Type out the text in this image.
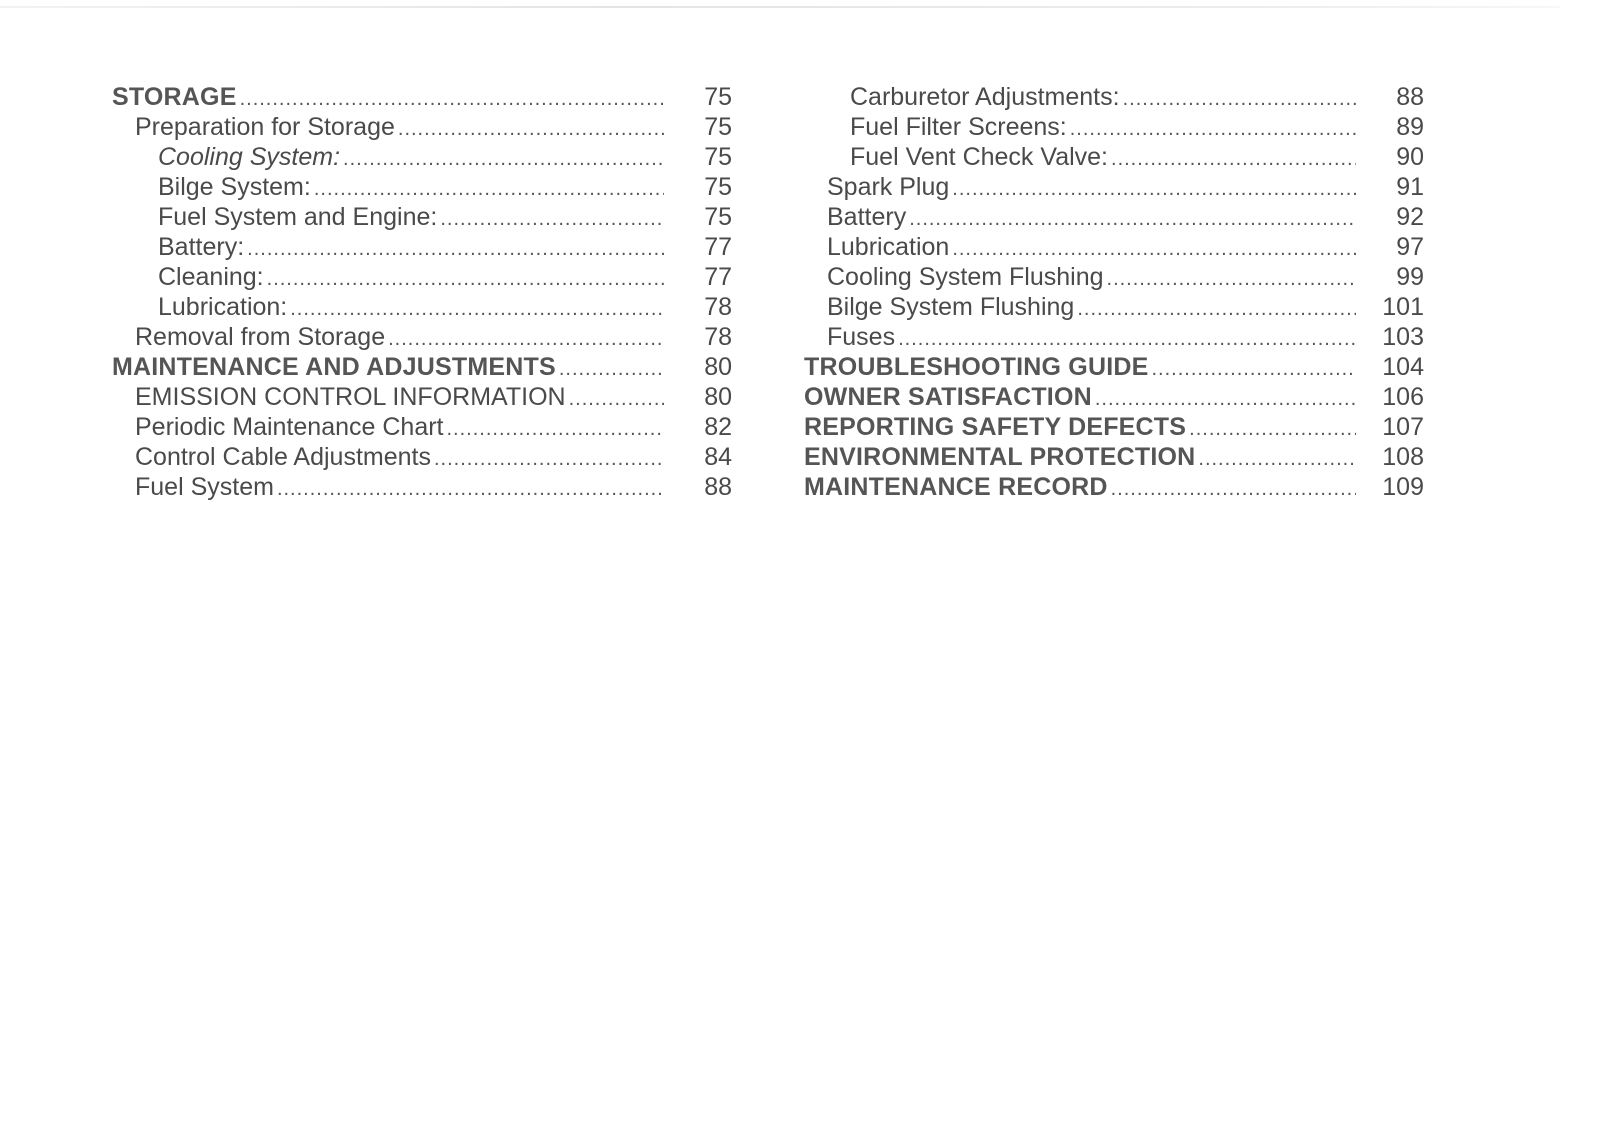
STORAGE .....	75
Preparation for Storage .....	75
Cooling System: .....	75
Bilge System: .....	75
Fuel System and Engine: .....	75
Battery: .....	77
Cleaning: .....	77
Lubrication: .....	78
Removal from Storage .....	78
MAINTENANCE AND ADJUSTMENTS .....	80
EMISSION CONTROL INFORMATION .....	80
Periodic Maintenance Chart .....	82
Control Cable Adjustments .....	84
Fuel System .....	88
Carburetor Adjustments: .....	88
Fuel Filter Screens: .....	89
Fuel Vent Check Valve: .....	90
Spark Plug .....	91
Battery .....	92
Lubrication .....	97
Cooling System Flushing .....	99
Bilge System Flushing .....	101
Fuses .....	103
TROUBLESHOOTING GUIDE .....	104
OWNER SATISFACTION .....	106
REPORTING SAFETY DEFECTS .....	107
ENVIRONMENTAL PROTECTION .....	108
MAINTENANCE RECORD .....	109
